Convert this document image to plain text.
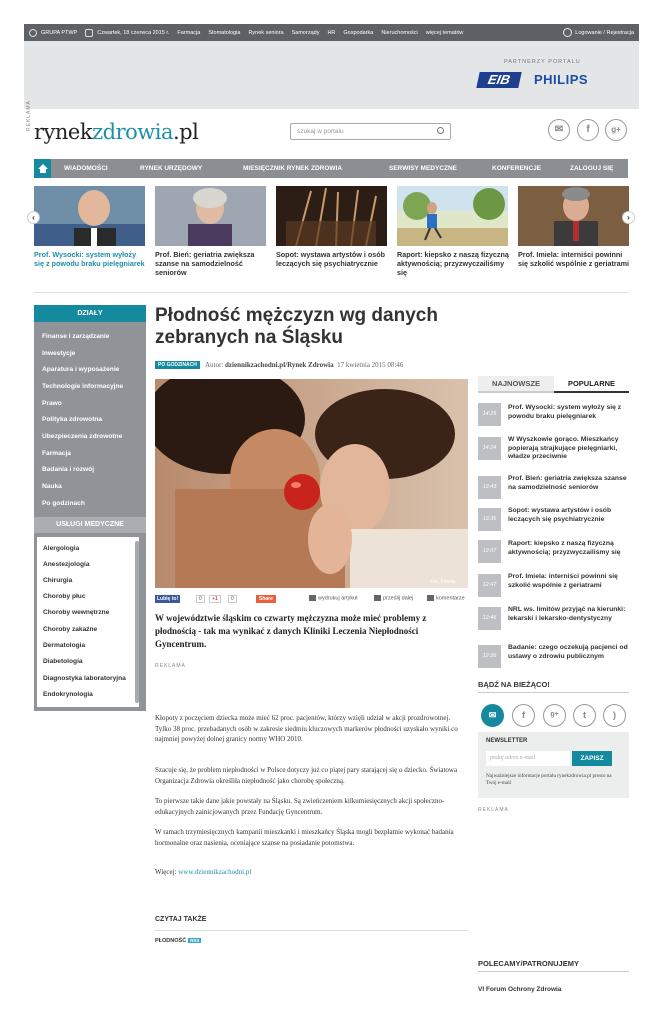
GRUPA PTWP	Czwartek, 18 czerwca 2015 r. Farmacja Stomatologia Rynek seniora Samorządy HR Gospodarka Nieruchomości więcej tematów	Logowanie / Rejestracja
REKLAMA
PARTNERZY PORTALU
EIB	PHILIPS
rynekzdrowia.pl	szukaj w portalu	✉	f	g+
WIADOMOŚCI	RYNEK URZĘDOWY	MIESIĘCZNIK RYNEK ZDROWIA	SERWISY MEDYCZNE	KONFERENCJE	ZALOGUJ SIĘ
Prof. Wysocki: system wyłoży się z powodu braku pielęgniarek
Prof. Bień: geriatria zwiększa szanse na samodzielność seniorów
Sopot: wystawa artystów i osób leczących się psychiatrycznie
Raport: kiepsko z naszą fizyczną aktywnością; przyzwyczailiśmy się
Prof. Imiela: interniści powinni się szkolić wspólnie z geriatrami
‹	›
DZIAŁY
Finanse i zarządzanie
Inwestycje
Aparatura i wyposażenie
Technologie informacyjne
Prawo
Polityka zdrowotna
Ubezpieczenia zdrowotne
Farmacja
Badania i rozwój
Nauka
Po godzinach
USŁUGI MEDYCZNE
Alergologia
Anestezjologia
Chirurgia
Choroby płuc
Choroby wewnętrzne
Choroby zakaźne
Dermatologia
Diabetologia
Diagnostyka laboratoryjna
Endokrynologia
Płodność mężczyzn wg danych zebranych na Śląsku
PO GODZINACH	Autor: dziennikzachodni.pl/Rynek Zdrowia 17 kwietnia 2015 08:46
Fot. Fotolia
Lubię to!	0	+1	0	Share	wydrukuj artykuł	prześlij dalej	komentarze
W województwie śląskim co czwarty mężczyzna może mieć problemy z płodnością - tak ma wynikać z danych Kliniki Leczenia Niepłodności Gyncentrum.
REKLAMA
Kłopoty z poczęciem dziecka może mieć 62 proc. pacjentów, którzy wzięli udział w akcji prozdrowotnej. Tylko 38 proc. przebadanych osób w zakresie siedmiu kluczowych markerów płodności uzyskało wyniki co najmniej powyżej dolnej granicy normy WHO 2010.
Szacuje się, że problem niepłodności w Polsce dotyczy już co piątej pary starającej się o dziecko. Światowa Organizacja Zdrowia określiła niepłodność jako chorobę społeczną.
To pierwsze takie dane jakie powstały na Śląsku. Są zwieńczeniem kilkumiesięcznych akcji społeczno-edukacyjnych zainicjowanych przez Fundację Gyncentrum.
W ramach trzymiesięcznych kampanii mieszkanki i mieszkańcy Śląska mogli bezpłatnie wykonać badania hormonalne oraz nasienia, oceniające szanse na posiadanie potomstwa.
Więcej: www.dziennikzachodni.pl
CZYTAJ TAKŻE
PŁODNOŚĆ RSS
NAJNOWSZE	POPULARNE
14:25
Prof. Wysocki: system wyłoży się z powodu braku pielęgniarek
14:24
W Wyszkowie gorąco. Mieszkańcy popierają strajkujące pielęgniarki, władze przeciwnie
13:43
Prof. Bień: geriatria zwiększa szanse na samodzielność seniorów
13:36
Sopot: wystawa artystów i osób leczących się psychiatrycznie
13:07
Raport: kiepsko z naszą fizyczną aktywnością; przyzwyczailiśmy się
12:47
Prof. Imiela: interniści powinni się szkolić wspólnie z geriatrami
12:46
NRL ws. limitów przyjąć na kierunki: lekarski i lekarsko-dentystyczny
12:36
Badanie: czego oczekują pacjenci od ustawy o zdrowiu publicznym
BĄDŹ NA BIEŻĄCO!
✉	f	g+	t	)
NEWSLETTER
podaj adres e-mail	ZAPISZ
Najważniejsze informacje portalu rynekzdrowia.pl prosto na Twój e-mail
REKLAMA
POLECAMY/PATRONUJEMY
VI Forum Ochrony Zdrowia
